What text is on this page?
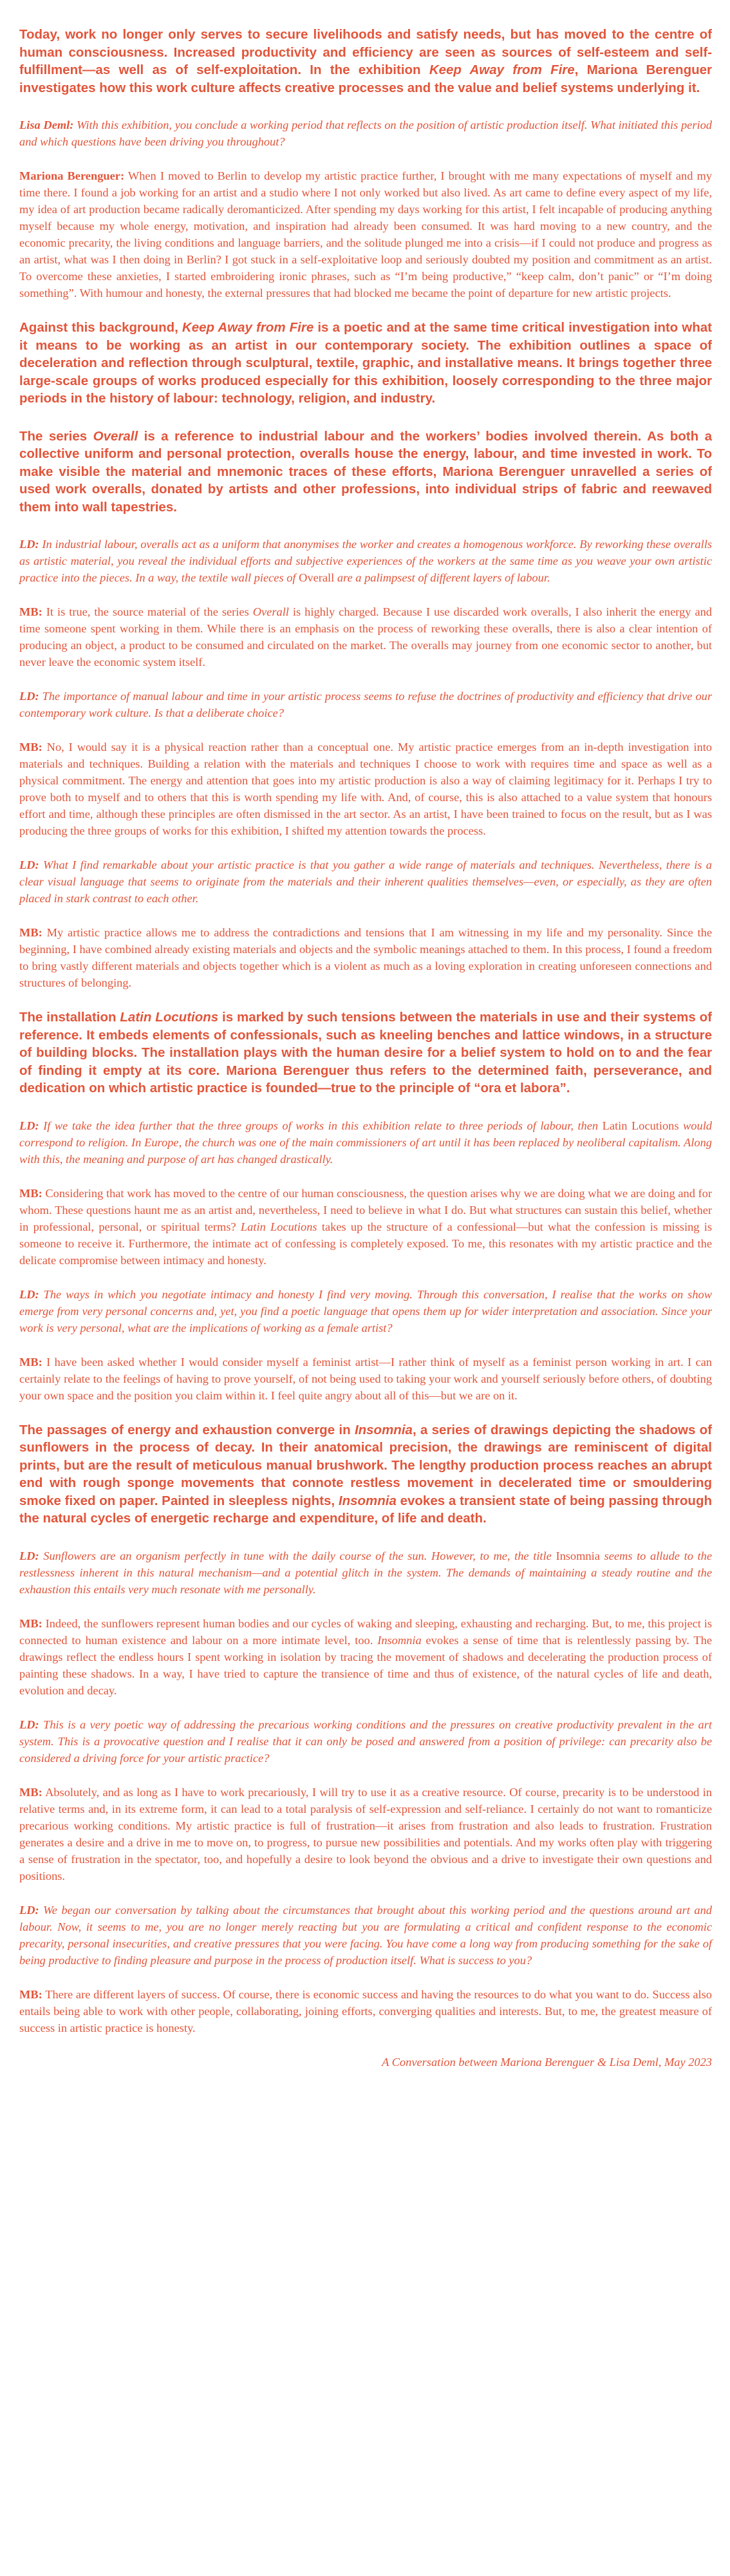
Today, work no longer only serves to secure livelihoods and satisfy needs, but has moved to the centre of human consciousness. Increased productivity and efficiency are seen as sources of self-esteem and self-fulfillment—as well as of self-exploitation. In the exhibition Keep Away from Fire, Mariona Berenguer investigates how this work culture affects creative processes and the value and belief systems underlying it.

Lisa Deml: With this exhibition, you conclude a working period that reflects on the position of artistic production itself. What initiated this period and which questions have been driving you throughout?

Mariona Berenguer: When I moved to Berlin to develop my artistic practice further, I brought with me many expectations of myself and my time there. I found a job working for an artist and a studio where I not only worked but also lived. As art came to define every aspect of my life, my idea of art production became radically deromanticized. After spending my days working for this artist, I felt incapable of producing anything myself because my whole energy, motivation, and inspiration had already been consumed. It was hard moving to a new country, and the economic precarity, the living conditions and language barriers, and the solitude plunged me into a crisis—if I could not produce and progress as an artist, what was I then doing in Berlin? I got stuck in a self-exploitative loop and seriously doubted my position and commitment as an artist. To overcome these anxieties, I started embroidering ironic phrases, such as “I’m being productive,” “keep calm, don’t panic” or “I’m doing something”. With humour and honesty, the external pressures that had blocked me became the point of departure for new artistic projects.

Against this background, Keep Away from Fire is a poetic and at the same time critical investigation into what it means to be working as an artist in our contemporary society. The exhibition outlines a space of deceleration and reflection through sculptural, textile, graphic, and installative means. It brings together three large-scale groups of works produced especially for this exhibition, loosely corresponding to the three major periods in the history of labour: technology, religion, and industry.

The series Overall is a reference to industrial labour and the workers’ bodies involved therein. As both a collective uniform and personal protection, overalls house the energy, labour, and time invested in work. To make visible the material and mnemonic traces of these efforts, Mariona Berenguer unravelled a series of used work overalls, donated by artists and other professions, into individual strips of fabric and reewaved them into wall tapestries.

LD: In industrial labour, overalls act as a uniform that anonymises the worker and creates a homogenous workforce. By reworking these overalls as artistic material, you reveal the individual efforts and subjective experiences of the workers at the same time as you weave your own artistic practice into the pieces. In a way, the textile wall pieces of Overall are a palimpsest of different layers of labour.

MB: It is true, the source material of the series Overall is highly charged. Because I use discarded work overalls, I also inherit the energy and time someone spent working in them. While there is an emphasis on the process of reworking these overalls, there is also a clear intention of producing an object, a product to be consumed and circulated on the market. The overalls may journey from one economic sector to another, but never leave the economic system itself.

LD: The importance of manual labour and time in your artistic process seems to refuse the doctrines of productivity and efficiency that drive our contemporary work culture. Is that a deliberate choice?

MB: No, I would say it is a physical reaction rather than a conceptual one. My artistic practice emerges from an in-depth investigation into materials and techniques. Building a relation with the materials and techniques I choose to work with requires time and space as well as a physical commitment. The energy and attention that goes into my artistic production is also a way of claiming legitimacy for it. Perhaps I try to prove both to myself and to others that this is worth spending my life with. And, of course, this is also attached to a value system that honours effort and time, although these principles are often dismissed in the art sector. As an artist, I have been trained to focus on the result, but as I was producing the three groups of works for this exhibition, I shifted my attention towards the process.

LD: What I find remarkable about your artistic practice is that you gather a wide range of materials and techniques. Nevertheless, there is a clear visual language that seems to originate from the materials and their inherent qualities themselves—even, or especially, as they are often placed in stark contrast to each other.

MB: My artistic practice allows me to address the contradictions and tensions that I am witnessing in my life and my personality. Since the beginning, I have combined already existing materials and objects and the symbolic meanings attached to them. In this process, I found a freedom to bring vastly different materials and objects together which is a violent as much as a loving exploration in creating unforeseen connections and structures of belonging.

The installation Latin Locutions is marked by such tensions between the materials in use and their systems of reference. It embeds elements of confessionals, such as kneeling benches and lattice windows, in a structure of building blocks. The installation plays with the human desire for a belief system to hold on to and the fear of finding it empty at its core. Mariona Berenguer thus refers to the determined faith, perseverance, and dedication on which artistic practice is founded—true to the principle of “ora et labora”.

LD: If we take the idea further that the three groups of works in this exhibition relate to three periods of labour, then Latin Locutions would correspond to religion. In Europe, the church was one of the main commissioners of art until it has been replaced by neoliberal capitalism. Along with this, the meaning and purpose of art has changed drastically.

MB: Considering that work has moved to the centre of our human consciousness, the question arises why we are doing what we are doing and for whom. These questions haunt me as an artist and, nevertheless, I need to believe in what I do. But what structures can sustain this belief, whether in professional, personal, or spiritual terms? Latin Locutions takes up the structure of a confessional—but what the confession is missing is someone to receive it. Furthermore, the intimate act of confessing is completely exposed. To me, this resonates with my artistic practice and the delicate compromise between intimacy and honesty.

LD: The ways in which you negotiate intimacy and honesty I find very moving. Through this conversation, I realise that the works on show emerge from very personal concerns and, yet, you find a poetic language that opens them up for wider interpretation and association. Since your work is very personal, what are the implications of working as a female artist?

MB: I have been asked whether I would consider myself a feminist artist—I rather think of myself as a feminist person working in art. I can certainly relate to the feelings of having to prove yourself, of not being used to taking your work and yourself seriously before others, of doubting your own space and the position you claim within it. I feel quite angry about all of this—but we are on it.

The passages of energy and exhaustion converge in Insomnia, a series of drawings depicting the shadows of sunflowers in the process of decay. In their anatomical precision, the drawings are reminiscent of digital prints, but are the result of meticulous manual brushwork. The lengthy production process reaches an abrupt end with rough sponge movements that connote restless movement in decelerated time or smouldering smoke fixed on paper. Painted in sleepless nights, Insomnia evokes a transient state of being passing through the natural cycles of energetic recharge and expenditure, of life and death.

LD: Sunflowers are an organism perfectly in tune with the daily course of the sun. However, to me, the title Insomnia seems to allude to the restlessness inherent in this natural mechanism—and a potential glitch in the system. The demands of maintaining a steady routine and the exhaustion this entails very much resonate with me personally.

MB: Indeed, the sunflowers represent human bodies and our cycles of waking and sleeping, exhausting and recharging. But, to me, this project is connected to human existence and labour on a more intimate level, too. Insomnia evokes a sense of time that is relentlessly passing by. The drawings reflect the endless hours I spent working in isolation by tracing the movement of shadows and decelerating the production process of painting these shadows. In a way, I have tried to capture the transience of time and thus of existence, of the natural cycles of life and death, evolution and decay.

LD: This is a very poetic way of addressing the precarious working conditions and the pressures on creative productivity prevalent in the art system. This is a provocative question and I realise that it can only be posed and answered from a position of privilege: can precarity also be considered a driving force for your artistic practice?

MB: Absolutely, and as long as I have to work precariously, I will try to use it as a creative resource. Of course, precarity is to be understood in relative terms and, in its extreme form, it can lead to a total paralysis of self-expression and self-reliance. I certainly do not want to romanticize precarious working conditions. My artistic practice is full of frustration—it arises from frustration and also leads to frustration. Frustration generates a desire and a drive in me to move on, to progress, to pursue new possibilities and potentials. And my works often play with triggering a sense of frustration in the spectator, too, and hopefully a desire to look beyond the obvious and a drive to investigate their own questions and positions.

LD: We began our conversation by talking about the circumstances that brought about this working period and the questions around art and labour. Now, it seems to me, you are no longer merely reacting but you are formulating a critical and confident response to the economic precarity, personal insecurities, and creative pressures that you were facing. You have come a long way from producing something for the sake of being productive to finding pleasure and purpose in the process of production itself. What is success to you?

MB: There are different layers of success. Of course, there is economic success and having the resources to do what you want to do. Success also entails being able to work with other people, collaborating, joining efforts, converging qualities and interests. But, to me, the greatest measure of success in artistic practice is honesty.

A Conversation between Mariona Berenguer & Lisa Deml, May 2023
